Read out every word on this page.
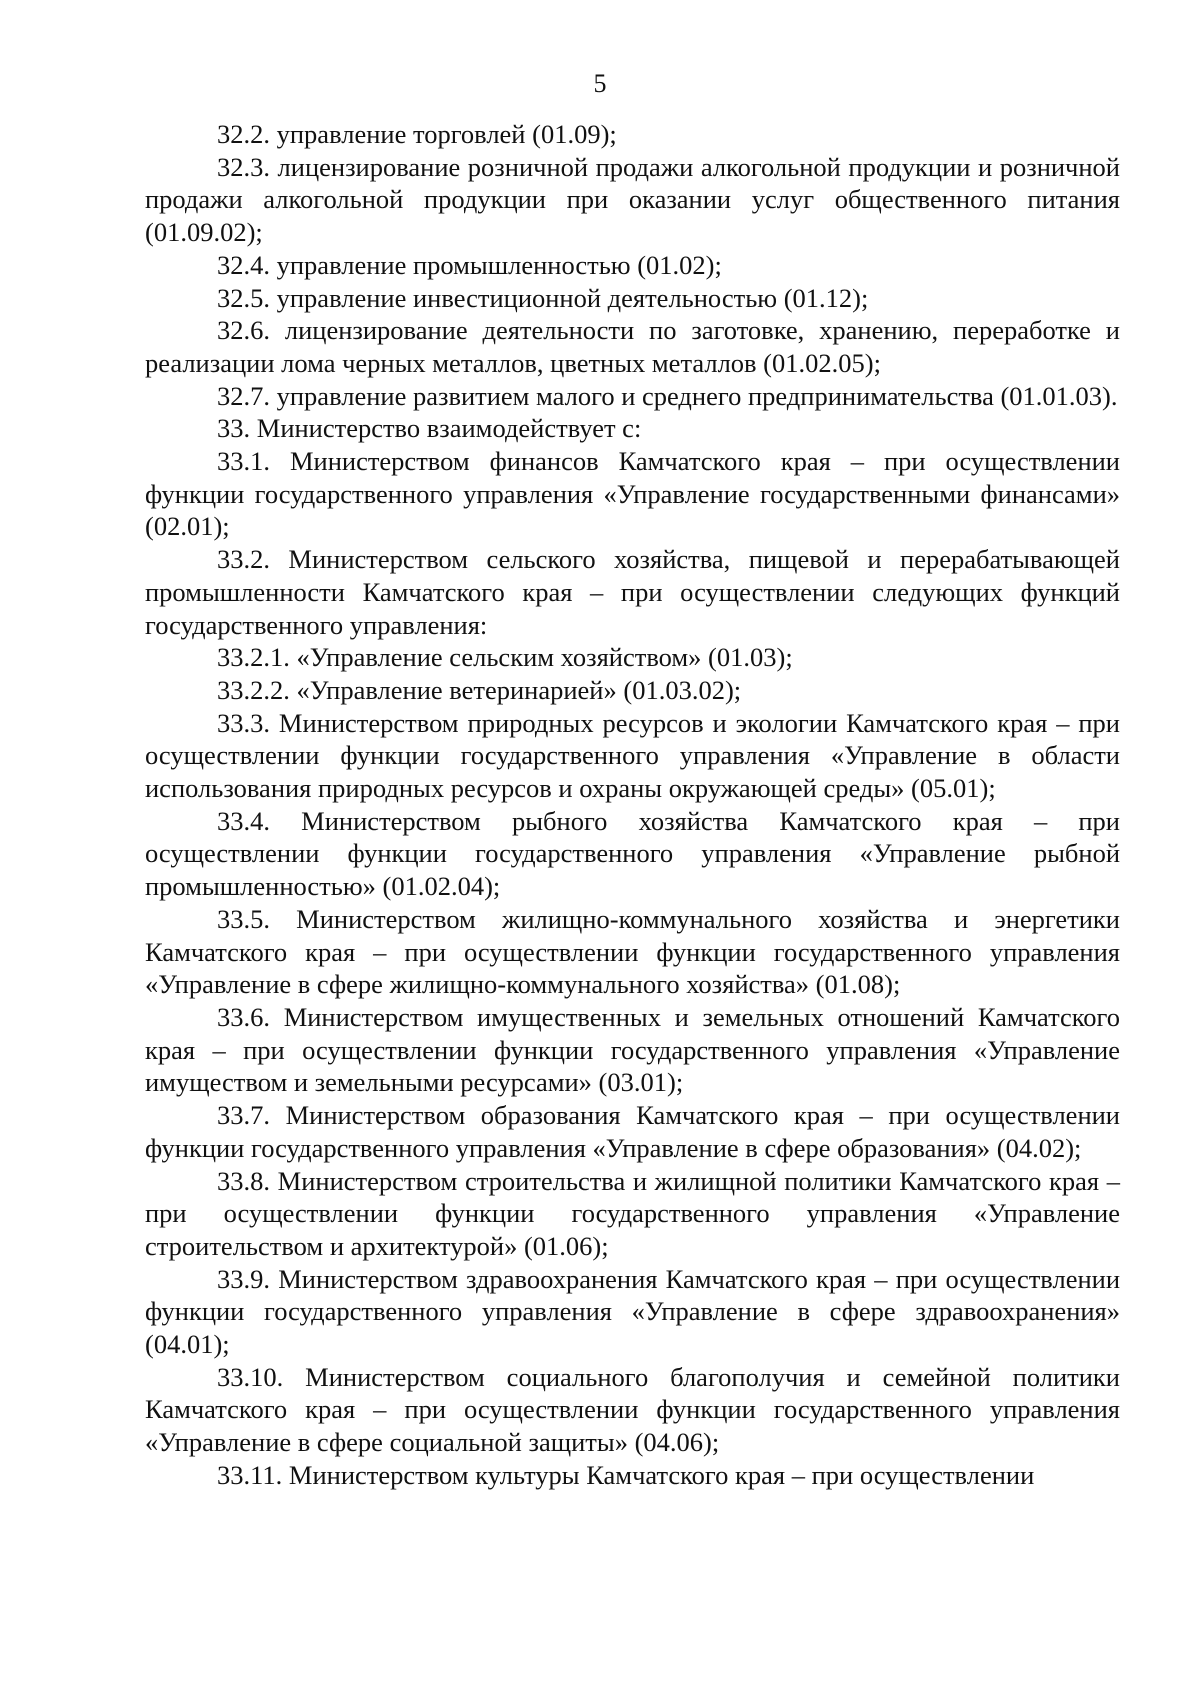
5

32.2. управление торговлей (01.09);

32.3. лицензирование розничной продажи алкогольной продукции и розничной продажи алкогольной продукции при оказании услуг общественного питания (01.09.02);

32.4. управление промышленностью (01.02);

32.5. управление инвестиционной деятельностью (01.12);

32.6. лицензирование деятельности по заготовке, хранению, переработке и реализации лома черных металлов, цветных металлов (01.02.05);

32.7. управление развитием малого и среднего предпринимательства (01.01.03).

33. Министерство взаимодействует с:

33.1. Министерством финансов Камчатского края – при осуществлении функции государственного управления «Управление государственными финансами» (02.01);

33.2. Министерством сельского хозяйства, пищевой и перерабатывающей промышленности Камчатского края – при осуществлении следующих функций государственного управления:

33.2.1. «Управление сельским хозяйством» (01.03);

33.2.2. «Управление ветеринарией» (01.03.02);

33.3. Министерством природных ресурсов и экологии Камчатского края – при осуществлении функции государственного управления «Управление в области использования природных ресурсов и охраны окружающей среды» (05.01);

33.4. Министерством рыбного хозяйства Камчатского края – при осуществлении функции государственного управления «Управление рыбной промышленностью» (01.02.04);

33.5. Министерством жилищно-коммунального хозяйства и энергетики Камчатского края – при осуществлении функции государственного управления «Управление в сфере жилищно-коммунального хозяйства» (01.08);

33.6. Министерством имущественных и земельных отношений Камчатского края – при осуществлении функции государственного управления «Управление имуществом и земельными ресурсами» (03.01);

33.7. Министерством образования Камчатского края – при осуществлении функции государственного управления «Управление в сфере образования» (04.02);

33.8. Министерством строительства и жилищной политики Камчатского края – при осуществлении функции государственного управления «Управление строительством и архитектурой» (01.06);

33.9. Министерством здравоохранения Камчатского края – при осуществлении функции государственного управления «Управление в сфере здравоохранения» (04.01);

33.10. Министерством социального благополучия и семейной политики Камчатского края – при осуществлении функции государственного управления «Управление в сфере социальной защиты» (04.06);

33.11. Министерством культуры Камчатского края – при осуществлении
